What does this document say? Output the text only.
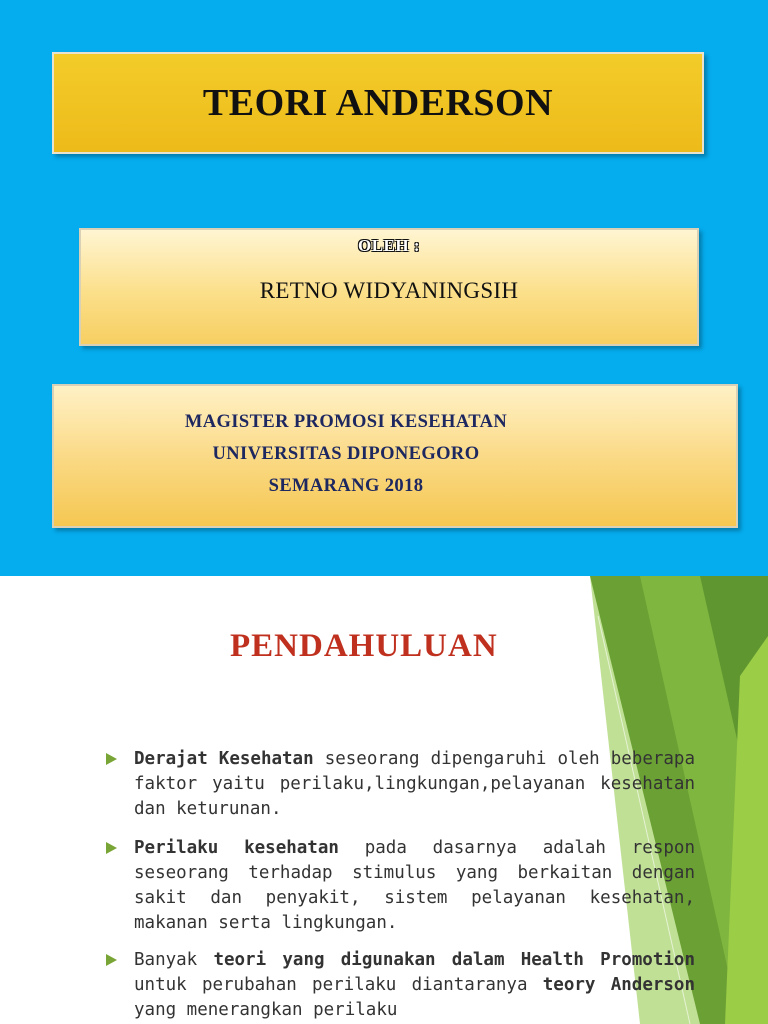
TEORI ANDERSON
OLEH :
RETNO WIDYANINGSIH
MAGISTER PROMOSI KESEHATAN
UNIVERSITAS DIPONEGORO
SEMARANG 2018
PENDAHULUAN
Derajat Kesehatan seseorang dipengaruhi oleh beberapa faktor yaitu perilaku,lingkungan,pelayanan kesehatan dan keturunan.
Perilaku kesehatan pada dasarnya adalah respon seseorang terhadap stimulus yang berkaitan dengan sakit dan penyakit, sistem pelayanan kesehatan, makanan serta lingkungan.
Banyak teori yang digunakan dalam Health Promotion untuk perubahan perilaku diantaranya teory Anderson yang menerangkan perilaku
